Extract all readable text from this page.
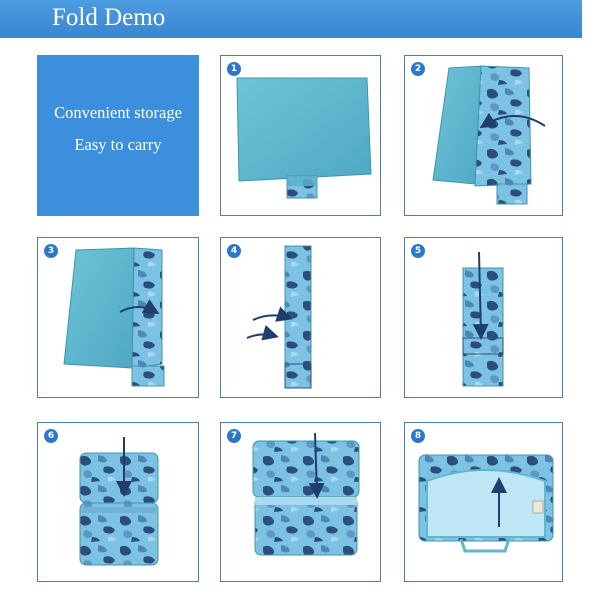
Fold Demo
Convenient storage
Easy to carry
1	2
3	4	5
6	7	8
